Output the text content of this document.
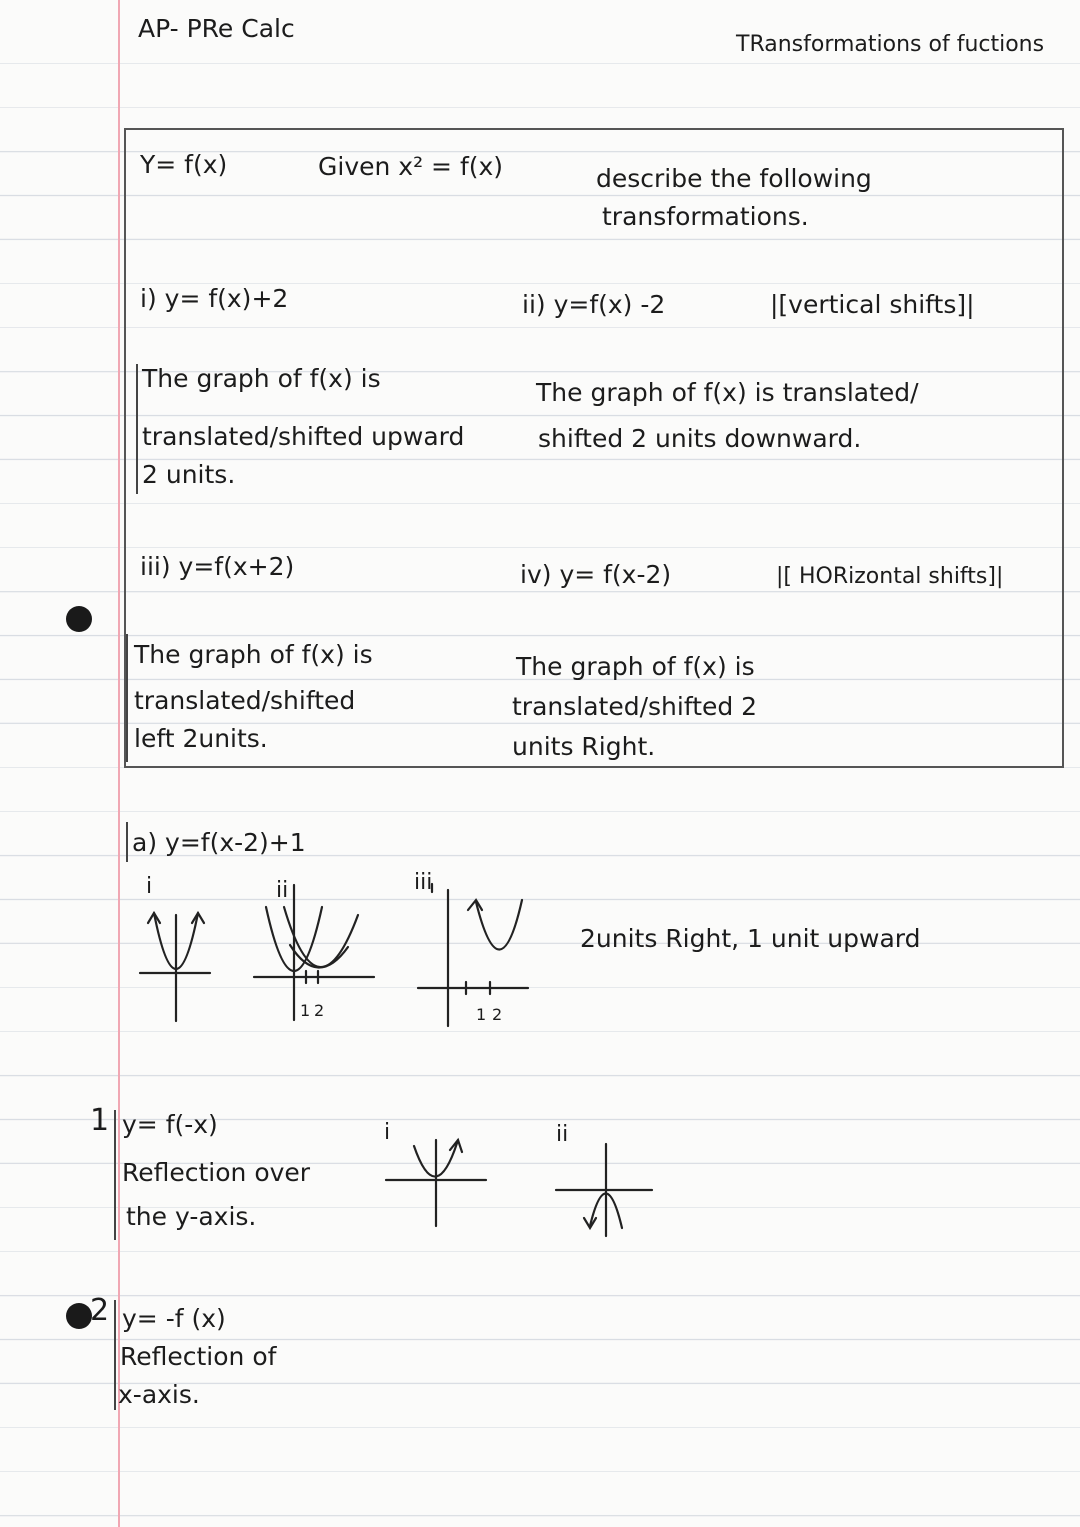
AP- PRe Calc
TRansformations of fuctions
Y= f(x)	Given x² = f(x)	describe the following
transformations.
i) y= f(x)+2	ii) y=f(x) -2	|[vertical shifts]|
The graph of f(x) is
translated/shifted upward
2 units.
The graph of f(x) is translated/
shifted 2 units downward.
iii) y=f(x+2)	iv) y= f(x-2)	|[ HORizontal shifts]|
The graph of f(x) is
translated/shifted
left 2units.
The graph of f(x) is
translated/shifted 2
units Right.
a) y=f(x-2)+1
i	ii	iii
1 2	1 2
2units Right, 1 unit upward
1 y= f(-x)
Reflection over
the y-axis.
i	ii
2 y= -f (x)
Reflection of
x-axis.
